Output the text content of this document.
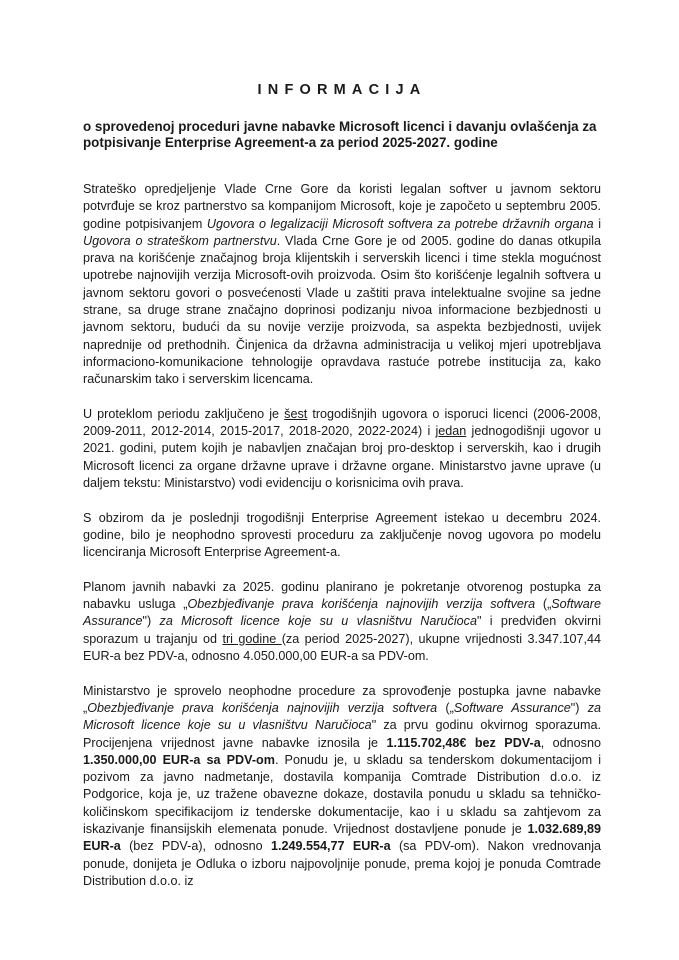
INFORMACIJA

o sprovedenoj proceduri javne nabavke Microsoft licenci i davanju ovlašćenja za potpisivanje Enterprise Agreement-a za period 2025-2027. godine

Strateško opredjeljenje Vlade Crne Gore da koristi legalan softver u javnom sektoru potvrđuje se kroz partnerstvo sa kompanijom Microsoft, koje je započeto u septembru 2005. godine potpisivanjem Ugovora o legalizaciji Microsoft softvera za potrebe državnih organa i Ugovora o strateškom partnerstvu. Vlada Crne Gore je od 2005. godine do danas otkupila prava na korišćenje značajnog broja klijentskih i serverskih licenci i time stekla mogućnost upotrebe najnovijih verzija Microsoft-ovih proizvoda. Osim što korišćenje legalnih softvera u javnom sektoru govori o posvećenosti Vlade u zaštiti prava intelektualne svojine sa jedne strane, sa druge strane značajno doprinosi podizanju nivoa informacione bezbjednosti u javnom sektoru, budući da su novije verzije proizvoda, sa aspekta bezbjednosti, uvijek naprednije od prethodnih. Činjenica da državna administracija u velikoj mjeri upotrebljava informaciono-komunikacione tehnologije opravdava rastuće potrebe institucija za, kako računarskim tako i serverskim licencama.

U proteklom periodu zaključeno je šest trogodišnjih ugovora o isporuci licenci (2006-2008, 2009-2011, 2012-2014, 2015-2017, 2018-2020, 2022-2024) i jedan jednogodišnji ugovor u 2021. godini, putem kojih je nabavljen značajan broj pro-desktop i serverskih, kao i drugih Microsoft licenci za organe državne uprave i državne organe. Ministarstvo javne uprave (u daljem tekstu: Ministarstvo) vodi evidenciju o korisnicima ovih prava.

S obzirom da je poslednji trogodišnji Enterprise Agreement istekao u decembru 2024. godine, bilo je neophodno sprovesti proceduru za zaključenje novog ugovora po modelu licenciranja Microsoft Enterprise Agreement-a.

Planom javnih nabavki za 2025. godinu planirano je pokretanje otvorenog postupka za nabavku usluga „Obezbjeđivanje prava korišćenja najnovijih verzija softvera („Software Assurance") za Microsoft licence koje su u vlasništvu Naručioca" i predviđen okvirni sporazum u trajanju od tri godine (za period 2025-2027), ukupne vrijednosti 3.347.107,44 EUR-a bez PDV-a, odnosno 4.050.000,00 EUR-a sa PDV-om.

Ministarstvo je sprovelo neophodne procedure za sprovođenje postupka javne nabavke „Obezbjeđivanje prava korišćenja najnovijih verzija softvera („Software Assurance") za Microsoft licence koje su u vlasništvu Naručioca" za prvu godinu okvirnog sporazuma. Procijenjena vrijednost javne nabavke iznosila je 1.115.702,48€ bez PDV-a, odnosno 1.350.000,00 EUR-a sa PDV-om. Ponudu je, u skladu sa tenderskom dokumentacijom i pozivom za javno nadmetanje, dostavila kompanija Comtrade Distribution d.o.o. iz Podgorice, koja je, uz tražene obavezne dokaze, dostavila ponudu u skladu sa tehničko-količinskom specifikacijom iz tenderske dokumentacije, kao i u skladu sa zahtjevom za iskazivanje finansijskih elemenata ponude. Vrijednost dostavljene ponude je 1.032.689,89 EUR-a (bez PDV-a), odnosno 1.249.554,77 EUR-a (sa PDV-om). Nakon vrednovanja ponude, donijeta je Odluka o izboru najpovoljnije ponude, prema kojoj je ponuda Comtrade Distribution d.o.o. iz
